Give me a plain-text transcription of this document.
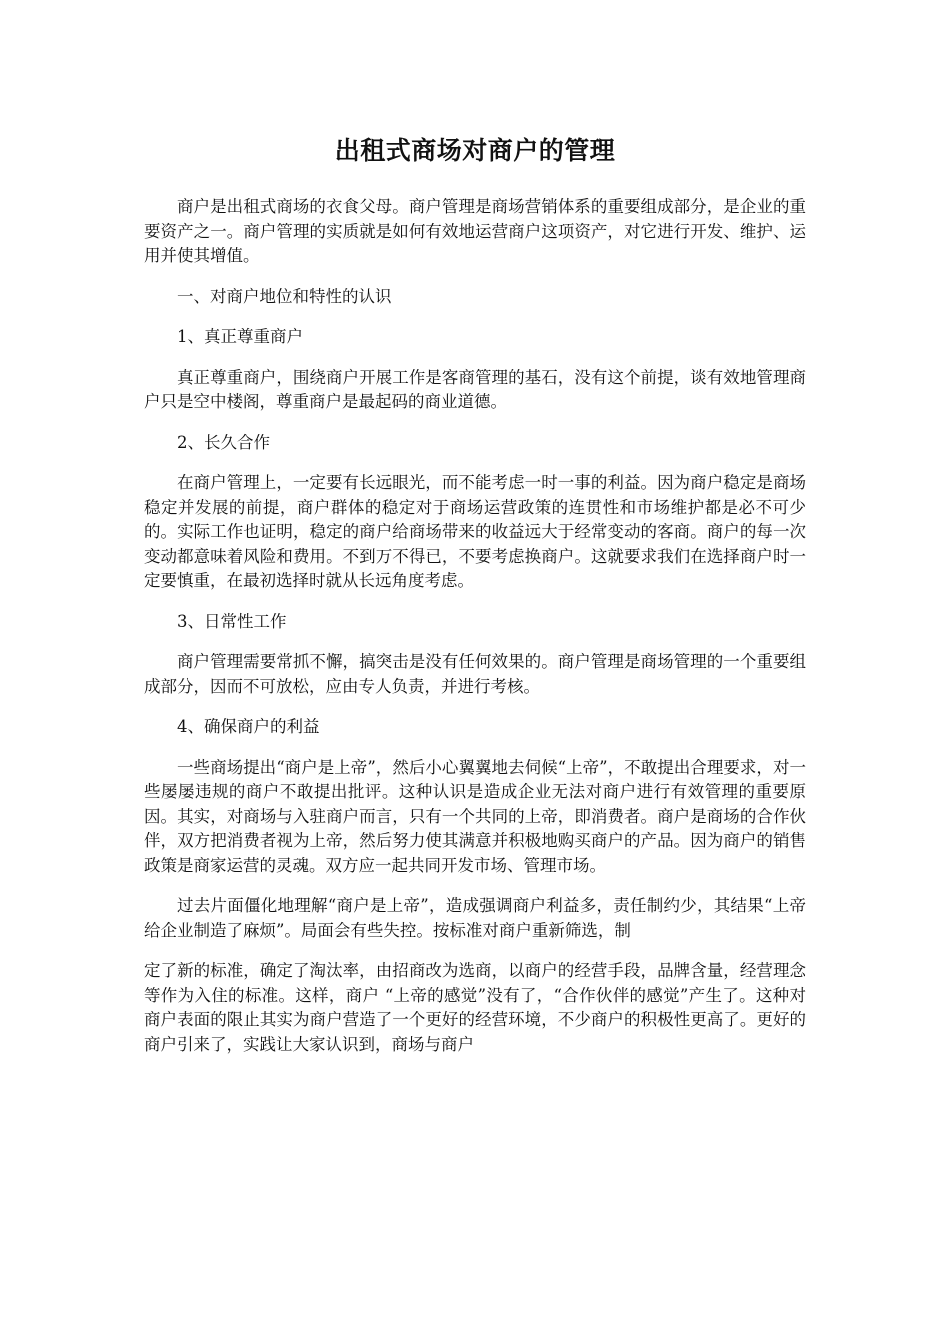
出租式商场对商户的管理

商户是出租式商场的衣食父母。商户管理是商场营销体系的重要组成部分，是企业的重要资产之一。商户管理的实质就是如何有效地运营商户这项资产，对它进行开发、维护、运用并使其增值。

一、对商户地位和特性的认识

1、真正尊重商户

真正尊重商户，围绕商户开展工作是客商管理的基石，没有这个前提，谈有效地管理商户只是空中楼阁，尊重商户是最起码的商业道德。

2、长久合作

在商户管理上，一定要有长远眼光，而不能考虑一时一事的利益。因为商户稳定是商场稳定并发展的前提，商户群体的稳定对于商场运营政策的连贯性和市场维护都是必不可少的。实际工作也证明，稳定的商户给商场带来的收益远大于经常变动的客商。商户的每一次变动都意味着风险和费用。不到万不得已，不要考虑换商户。这就要求我们在选择商户时一定要慎重，在最初选择时就从长远角度考虑。

3、日常性工作

商户管理需要常抓不懈，搞突击是没有任何效果的。商户管理是商场管理的一个重要组成部分，因而不可放松，应由专人负责，并进行考核。

4、确保商户的利益

一些商场提出“商户是上帝”，然后小心翼翼地去伺候“上帝”，不敢提出合理要求，对一些屡屡违规的商户不敢提出批评。这种认识是造成企业无法对商户进行有效管理的重要原因。其实，对商场与入驻商户而言，只有一个共同的上帝，即消费者。商户是商场的合作伙伴，双方把消费者视为上帝，然后努力使其满意并积极地购买商户的产品。因为商户的销售政策是商家运营的灵魂。双方应一起共同开发市场、管理市场。

过去片面僵化地理解“商户是上帝”，造成强调商户利益多，责任制约少，其结果“上帝给企业制造了麻烦”。局面会有些失控。按标准对商户重新筛选，制

定了新的标准，确定了淘汰率，由招商改为选商，以商户的经营手段，品牌含量，经营理念等作为入住的标准。这样，商户 “上帝的感觉”没有了，“合作伙伴的感觉”产生了。这种对商户表面的限止其实为商户营造了一个更好的经营环境，不少商户的积极性更高了。更好的商户引来了，实践让大家认识到，商场与商户
